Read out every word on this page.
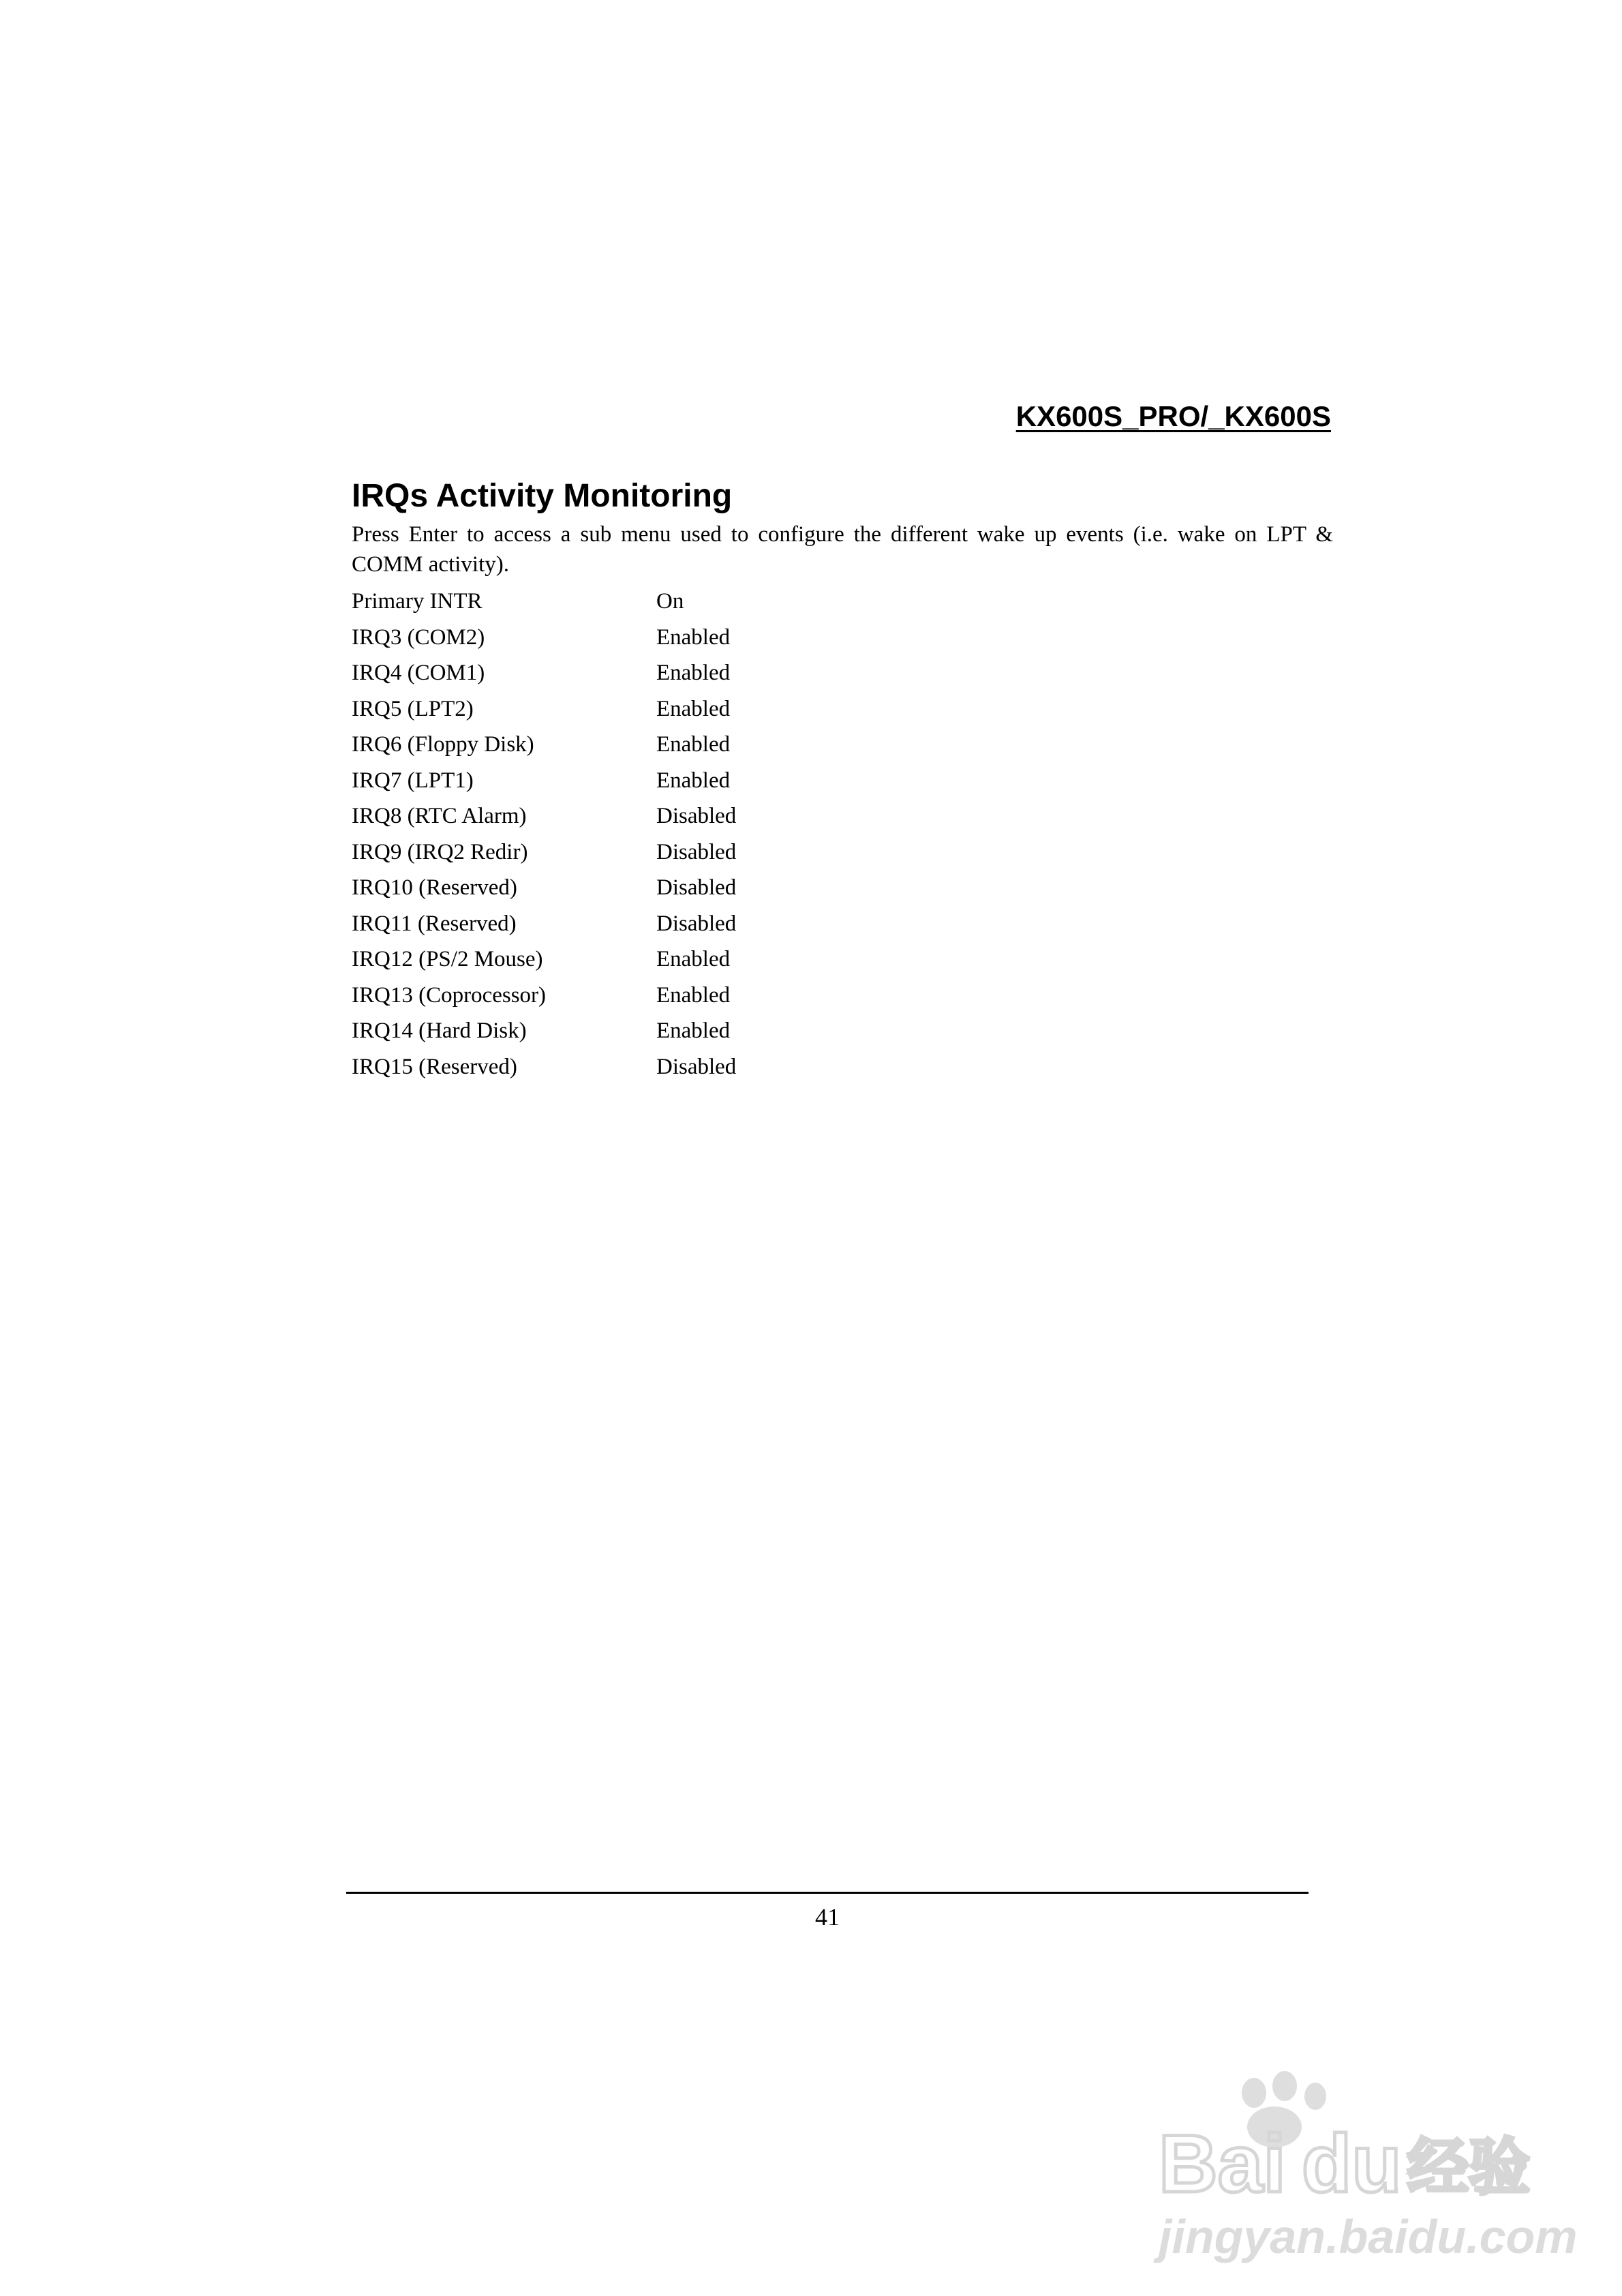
KX600S_PRO/_KX600S
IRQs Activity Monitoring

Press Enter to access a sub menu used to configure the different wake up events (i.e. wake on LPT & COMM activity).

Primary INTR	On
IRQ3 (COM2)	Enabled
IRQ4 (COM1)	Enabled
IRQ5 (LPT2)	Enabled
IRQ6 (Floppy Disk)	Enabled
IRQ7 (LPT1)	Enabled
IRQ8 (RTC Alarm)	Disabled
IRQ9 (IRQ2 Redir)	Disabled
IRQ10 (Reserved)	Disabled
IRQ11 (Reserved)	Disabled
IRQ12 (PS/2 Mouse)	Enabled
IRQ13 (Coprocessor)	Enabled
IRQ14 (Hard Disk)	Enabled
IRQ15 (Reserved)	Disabled
41
Bai du 经验
jingyan.baidu.com
